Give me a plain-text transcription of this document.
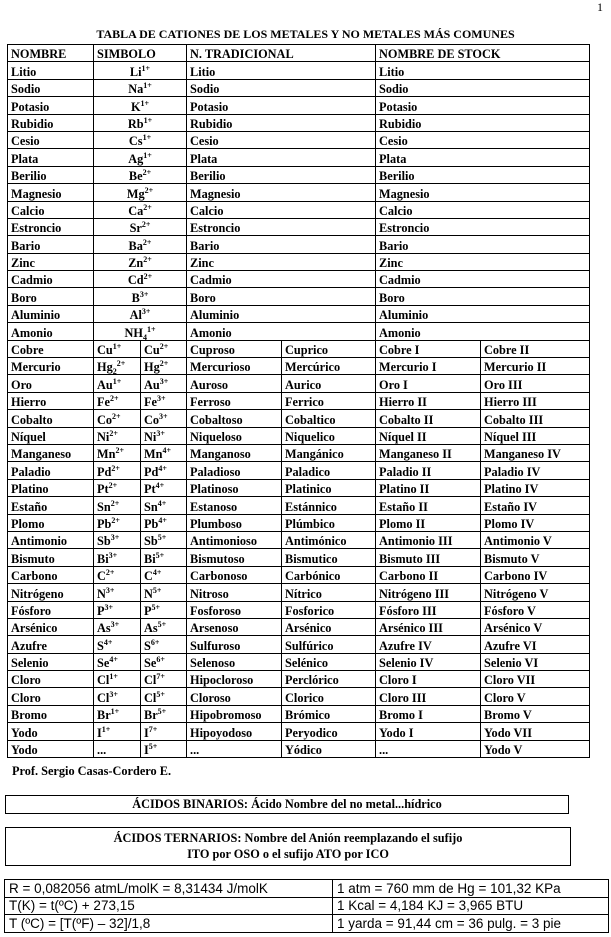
1
TABLA DE CATIONES DE LOS METALES Y NO METALES MÁS COMUNES
NOMBRE	SIMBOLO		N. TRADICIONAL		NOMBRE DE STOCK	
Litio	$Li^{1+}$		Litio		Litio	
Sodio	$Na^{1+}$		Sodio		Sodio	
Potasio	$K^{1+}$		Potasio		Potasio	
Rubidio	$Rb^{1+}$		Rubidio		Rubidio	
Cesio	$Cs^{1+}$		Cesio		Cesio	
Plata	$Ag^{1+}$		Plata		Plata	
Berilio	$Be^{2+}$		Berilio		Berilio	
Magnesio	$Mg^{2+}$		Magnesio		Magnesio	
Calcio	$Ca^{2+}$		Calcio		Calcio	
Estroncio	$Sr^{2+}$		Estroncio		Estroncio	
Bario	$Ba^{2+}$		Bario		Bario	
Zinc	$Zn^{2+}$		Zinc		Zinc	
Cadmio	$Cd^{2+}$		Cadmio		Cadmio	
Boro	$B^{3+}$		Boro		Boro	
Aluminio	$Al^{3+}$		Aluminio		Aluminio	
Amonio	$NH_4^{1+}$		Amonio		Amonio	
Cobre	$Cu^{1+}$	$Cu^{2+}$	Cuproso	Cuprico	Cobre I	Cobre II
Mercurio	$Hg_2^{2+}$	$Hg^{2+}$	Mercurioso	Mercúrico	Mercurio I	Mercurio II
Oro	$Au^{1+}$	$Au^{3+}$	Auroso	Aurico	Oro I	Oro III
Hierro	$Fe^{2+}$	$Fe^{3+}$	Ferroso	Ferrico	Hierro II	Hierro III
Cobalto	$Co^{2+}$	$Co^{3+}$	Cobaltoso	Cobaltico	Cobalto II	Cobalto III
Níquel	$Ni^{2+}$	$Ni^{3+}$	Niqueloso	Niquelico	Níquel II	Níquel III
Manganeso	$Mn^{2+}$	$Mn^{4+}$	Manganoso	Mangánico	Manganeso II	Manganeso IV
Paladio	$Pd^{2+}$	$Pd^{4+}$	Paladioso	Paladico	Paladio II	Paladio IV
Platino	$Pt^{2+}$	$Pt^{4+}$	Platinoso	Platinico	Platino II	Platino IV
Estaño	$Sn^{2+}$	$Sn^{4+}$	Estanoso	Estánnico	Estaño II	Estaño IV
Plomo	$Pb^{2+}$	$Pb^{4+}$	Plumboso	Plúmbico	Plomo II	Plomo IV
Antimonio	$Sb^{3+}$	$Sb^{5+}$	Antimonioso	Antimónico	Antimonio III	Antimonio V
Bismuto	$Bi^{3+}$	$Bi^{5+}$	Bismutoso	Bismutico	Bismuto III	Bismuto V
Carbono	$C^{2+}$	$C^{4+}$	Carbonoso	Carbónico	Carbono II	Carbono IV
Nitrógeno	$N^{3+}$	$N^{5+}$	Nitroso	Nítrico	Nitrógeno III	Nitrógeno V
Fósforo	$P^{3+}$	$P^{5+}$	Fosforoso	Fosforico	Fósforo III	Fósforo V
Arsénico	$As^{3+}$	$As^{5+}$	Arsenoso	Arsénico	Arsénico III	Arsénico V
Azufre	$S^{4+}$	$S^{6+}$	Sulfuroso	Sulfúrico	Azufre IV	Azufre VI
Selenio	$Se^{4+}$	$Se^{6+}$	Selenoso	Selénico	Selenio IV	Selenio VI
Cloro	$Cl^{1+}$	$Cl^{7+}$	Hipocloroso	Perclórico	Cloro I	Cloro VII
Cloro	$Cl^{3+}$	$Cl^{5+}$	Cloroso	Clorico	Cloro III	Cloro V
Bromo	$Br^{1+}$	$Br^{5+}$	Hipobromoso	Brómico	Bromo I	Bromo V
Yodo	$I^{1+}$	$I^{7+}$	Hipoyodoso	Peryodico	Yodo I	Yodo VII
Yodo	...	$I^{5+}$	...	Yódico	...	Yodo V
Prof. Sergio Casas-Cordero E.
ÁCIDOS BINARIOS: Ácido Nombre del no metal...hídrico
ÁCIDOS TERNARIOS: Nombre del Anión reemplazando el sufijo
ITO por OSO o el sufijo ATO por ICO
R = 0,082056 atmL/molK = 8,31434 J/molK	1 atm = 760 mm de Hg = 101,32 KPa
T(K) = t(ºC) + 273,15	1 Kcal = 4,184 KJ = 3,965 BTU
T (ºC) = [T(ºF) – 32]/1,8	1 yarda = 91,44 cm = 36 pulg. = 3 pie
